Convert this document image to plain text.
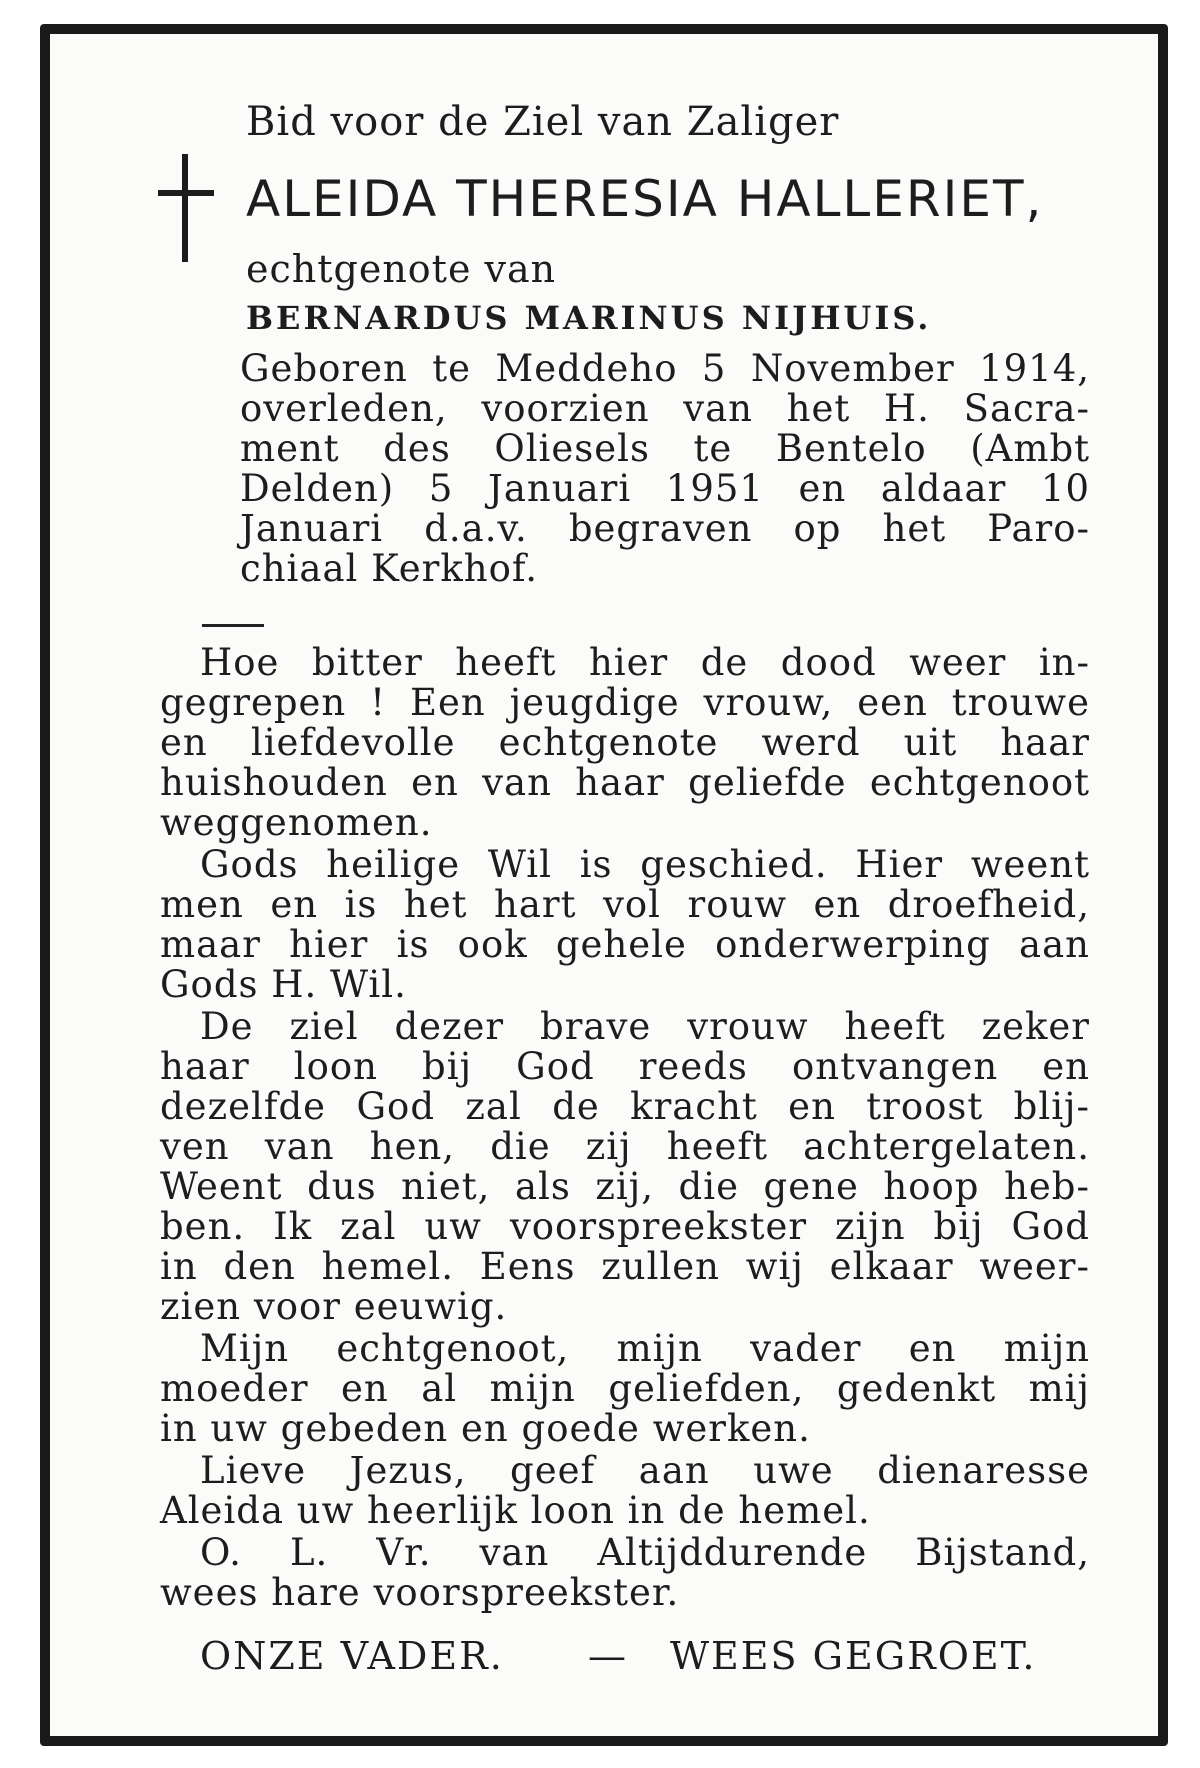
Bid voor de Ziel van Zaliger
ALEIDA THERESIA HALLERIET,
echtgenote van
BERNARDUS MARINUS NIJHUIS.
Geboren te Meddeho 5 November 1914,
overleden, voorzien van het H. Sacra-
ment des Oliesels te Bentelo (Ambt
Delden) 5 Januari 1951 en aldaar 10
Januari d.a.v. begraven op het Paro-
chiaal Kerkhof.
Hoe bitter heeft hier de dood weer in-
gegrepen ! Een jeugdige vrouw, een trouwe
en liefdevolle echtgenote werd uit haar
huishouden en van haar geliefde echtgenoot
weggenomen.
Gods heilige Wil is geschied. Hier weent
men en is het hart vol rouw en droefheid,
maar hier is ook gehele onderwerping aan
Gods H. Wil.
De ziel dezer brave vrouw heeft zeker
haar loon bij God reeds ontvangen en
dezelfde God zal de kracht en troost blij-
ven van hen, die zij heeft achtergelaten.
Weent dus niet, als zij, die gene hoop heb-
ben. Ik zal uw voorspreekster zijn bij God
in den hemel. Eens zullen wij elkaar weer-
zien voor eeuwig.
Mijn echtgenoot, mijn vader en mijn
moeder en al mijn geliefden, gedenkt mij
in uw gebeden en goede werken.
Lieve Jezus, geef aan uwe dienaresse
Aleida uw heerlijk loon in de hemel.
O. L. Vr. van Altijddurende Bijstand,
wees hare voorspreekster.
ONZE VADER. — WEES GEGROET.
